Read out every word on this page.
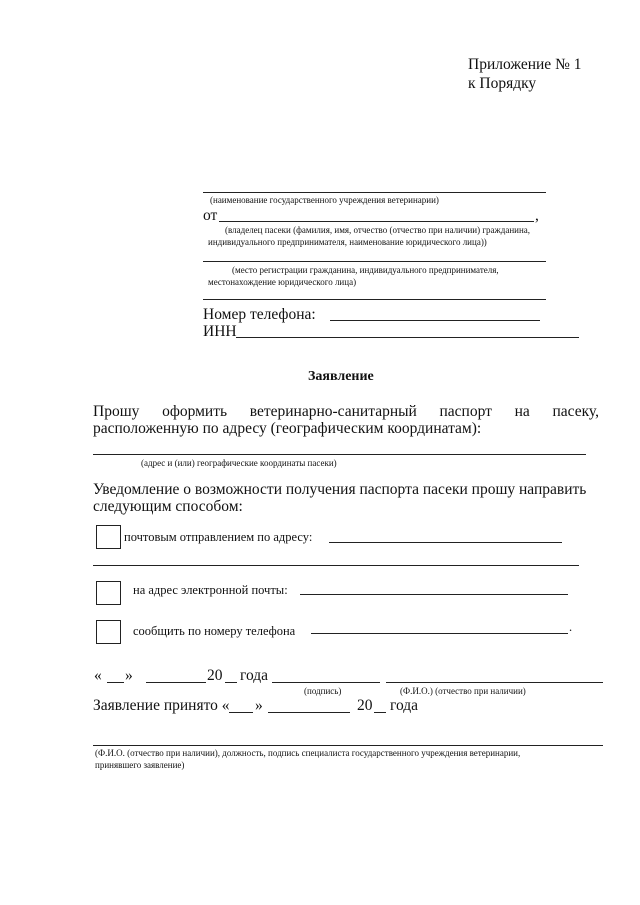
Приложение № 1
к Порядку
(наименование государственного учреждения ветеринарии)
от	,
(владелец пасеки (фамилия, имя, отчество (отчество при наличии) гражданина,
индивидуального предпринимателя, наименование юридического лица))
(место регистрации гражданина, индивидуального предпринимателя,
местонахождение юридического лица)
Номер телефона:
ИНН
Заявление
Прошу оформить ветеринарно-санитарный паспорт на пасеку,
расположенную по адресу (географическим координатам):
(адрес и (или) географические координаты пасеки)
Уведомление о возможности получения паспорта пасеки прошу направить
следующим способом:
почтовым отправлением по адресу:
на адрес электронной почты:
сообщить по номеру телефона	.
« »	20 года
(подпись)	(Ф.И.О.) (отчество при наличии)
Заявление принято « »	20 года
(Ф.И.О. (отчество при наличии), должность, подпись специалиста государственного учреждения ветеринарии,
принявшего заявление)
